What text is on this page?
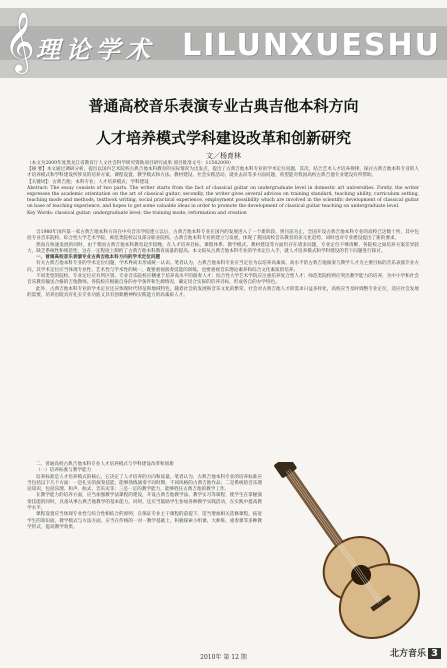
𝄞 理论学术 LILUNXUESHU
普通高校音乐表演专业古典吉他本科方向
人才培养模式学科建设改革和创新研究
文／杨育林

（本文为2009年度黑龙江省教育厅人文社会科学研究资助项目研究成果 项目批准文号：11542009）

【摘 要】本文通过调研分析，提出以国内艺术院校古典吉他本科教育的实际情况为出发点，提出了古典吉他本科专业的学术定位问题，其次，结合艺术人才培养规律，探讨古典吉他本科专业的人才培养模式和学科建设所涉及的培养方案、课程设置、教学模式和方法、教材建设、社会实践活动、就业去向等多方面问题，希望能对我国高校古典吉他专业建设有所帮助。

【关键词】：古典吉他；本科专业；人才培养模式；学科建设

Abstract: The essay consists of two parts. The writer starts from the fact of classical guitar on undergraduate level in domestic art universities. Firstly, the writer expresses the academic orientation on the art of classical guitar; secondly, the writer gives several advices on training standard, teaching ability, curriculum setting, teaching mode and methods, textbook writing, social practical experience, employment possibility which are involved in the scientific development of classical guitar on base of teaching experience, and hopes to get some valuable ideas in order to promote the development of classical guitar teaching on undergraduate level.

Key Words: classical guitar; undergraduate level; the training mode; reformation and creation

自1980年国内第一家古典吉他本科方向在中央音乐学院建立以后，古典吉他本科专业在国内的发展进入了一个新阶段。到目前为止，全国开设古典吉他本科专业的高校已达数十所，其中包括专业音乐院校、综合性大学艺术学院、师范类院校以及部分职业院校。古典吉他本科专业的建立与发展，体现了我国高校音乐教育的多元化趋势，同时也对专业建设提出了新的要求。

然而在快速发展的同时，由于我国古典吉他本科教育起步较晚，在人才培养目标、课程体系、教学模式、教材建设等方面仍存在诸多问题，专业定位不够清晰，各院校之间培养方案差异较大，缺乏系统性和规范性，这在一定程度上制约了古典吉他本科教育质量的提高。本文拟从古典吉他本科专业的学术定位入手，就人才培养模式和学科建设的若干问题进行探讨。

一、普通高校音乐表演专业古典吉他本科方向的学术定位问题

有关古典吉他本科专业的学术定位问题，学术界尚未形成统一认识。笔者认为，古典吉他本科专业应当定位为以培养高素质、高水平的古典吉他演奏与教学人才为主要目标的音乐表演专业方向，其学术定位应当体现专业性、艺术性与学术性的统一，既要重视演奏技能的训练，也要重视音乐理论素养和综合文化素质的培养。

不同类型的院校，专业定位应有所区别。专业音乐院校应侧重于培养高水平的演奏人才；综合性大学艺术学院应注重培养复合型人才；师范类院校则应突出教学能力的培养，为中小学和社会音乐教育输送合格的吉他教师。各院校应根据自身的办学条件和生源情况，确定切合实际的培养目标，形成各自的办学特色。

此外，古典吉他本科专业的学术定位还应体现时代特征和地域特色。随着社会的发展和音乐文化的繁荣，社会对古典吉他人才的需求日益多样化，高校应当及时调整专业定位，适应社会发展的需要，培养出既具有扎实专业功底又具有创新精神和实践能力的高素质人才。

二、普通高校古典吉他本科专业人才培养模式与学科建设改革和创新

（一）培养标准与教学能力

培养标准是人才培养模式的核心，它决定了人才培养的方向和质量。笔者认为，古典吉他本科专业的培养标准应当包括以下几个方面：一是扎实的演奏技能，能够熟练演奏不同时期、不同风格的古典吉他作品；二是系统的音乐理论知识，包括乐理、和声、曲式、音乐史等；三是一定的教学能力，能够胜任古典吉他的教学工作。

在教学能力的培养方面，应当加强教学法课程的建设，开设古典吉他教学法、教学实习等课程，使学生在掌握演奏技能的同时，具备从事古典吉他教学的基本能力。同时，还应当鼓励学生参加各种教学实践活动，在实践中提高教学水平。

课程设置应当体现专业性与综合性相结合的原则，在保证专业主干课程的前提下，适当增加相关选修课程，拓宽学生的知识面。教学模式与方法方面，应当在传统的一对一教学基础上，积极探索小组课、大师班、重奏课等多种教学形式，提高教学效果。

2010年 第 12 期	北方音乐 3
